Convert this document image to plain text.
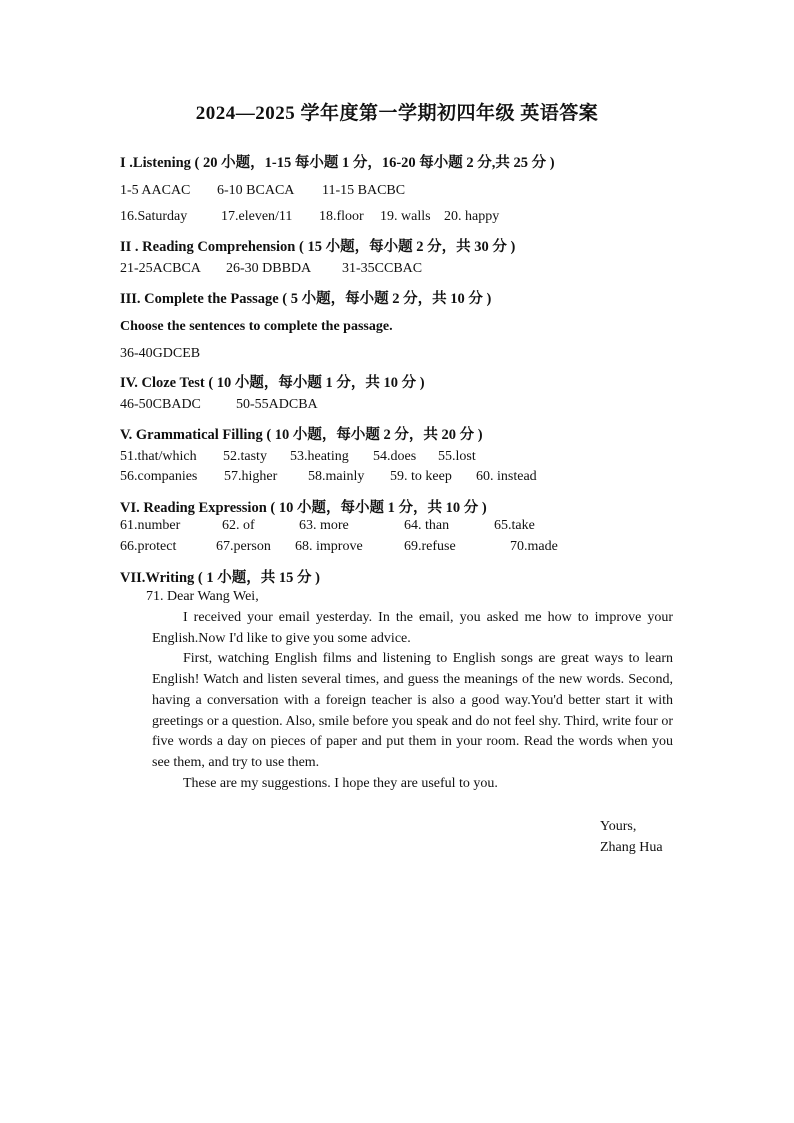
2024—2025 学年度第一学期初四年级 英语答案
I .Listening ( 20 小题，1-15 每小题 1 分，16-20 每小题 2 分,共 25 分 )
1-5 AACAC 6-10 BCACA 11-15 BACBC
16.Saturday 17.eleven/11 18.floor 19. walls 20. happy
II . Reading Comprehension ( 15 小题，每小题 2 分，共 30 分 )
21-25ACBCA 26-30 DBBDA 31-35CCBAC
III. Complete the Passage ( 5 小题，每小题 2 分，共 10 分 )
Choose the sentences to complete the passage.
36-40GDCEB
IV. Cloze Test ( 10 小题，每小题 1 分，共 10 分 )
46-50CBADC	50-55ADCBA
V. Grammatical Filling ( 10 小题，每小题 2 分，共 20 分 )
51.that/which 52.tasty 53.heating 54.does 55.lost
56.companies 57.higher 58.mainly 59. to keep 60. instead
VI. Reading Expression ( 10 小题，每小题 1 分，共 10 分 )
61.number	62. of	63. more	64. than	65.take
66.protect	67.person 68. improve	69.refuse	70.made
VII.Writing ( 1 小题，共 15 分 )
71. Dear Wang Wei,

I received your email yesterday. In the email, you asked me how to improve your English.Now I'd like to give you some advice.

First, watching English films and listening to English songs are great ways to learn English! Watch and listen several times, and guess the meanings of the new words. Second, having a conversation with a foreign teacher is also a good way.You'd better start it with greetings or a question. Also, smile before you speak and do not feel shy. Third, write four or five words a day on pieces of paper and put them in your room. Read the words when you see them, and try to use them.

These are my suggestions. I hope they are useful to you.

Yours,
Zhang Hua
